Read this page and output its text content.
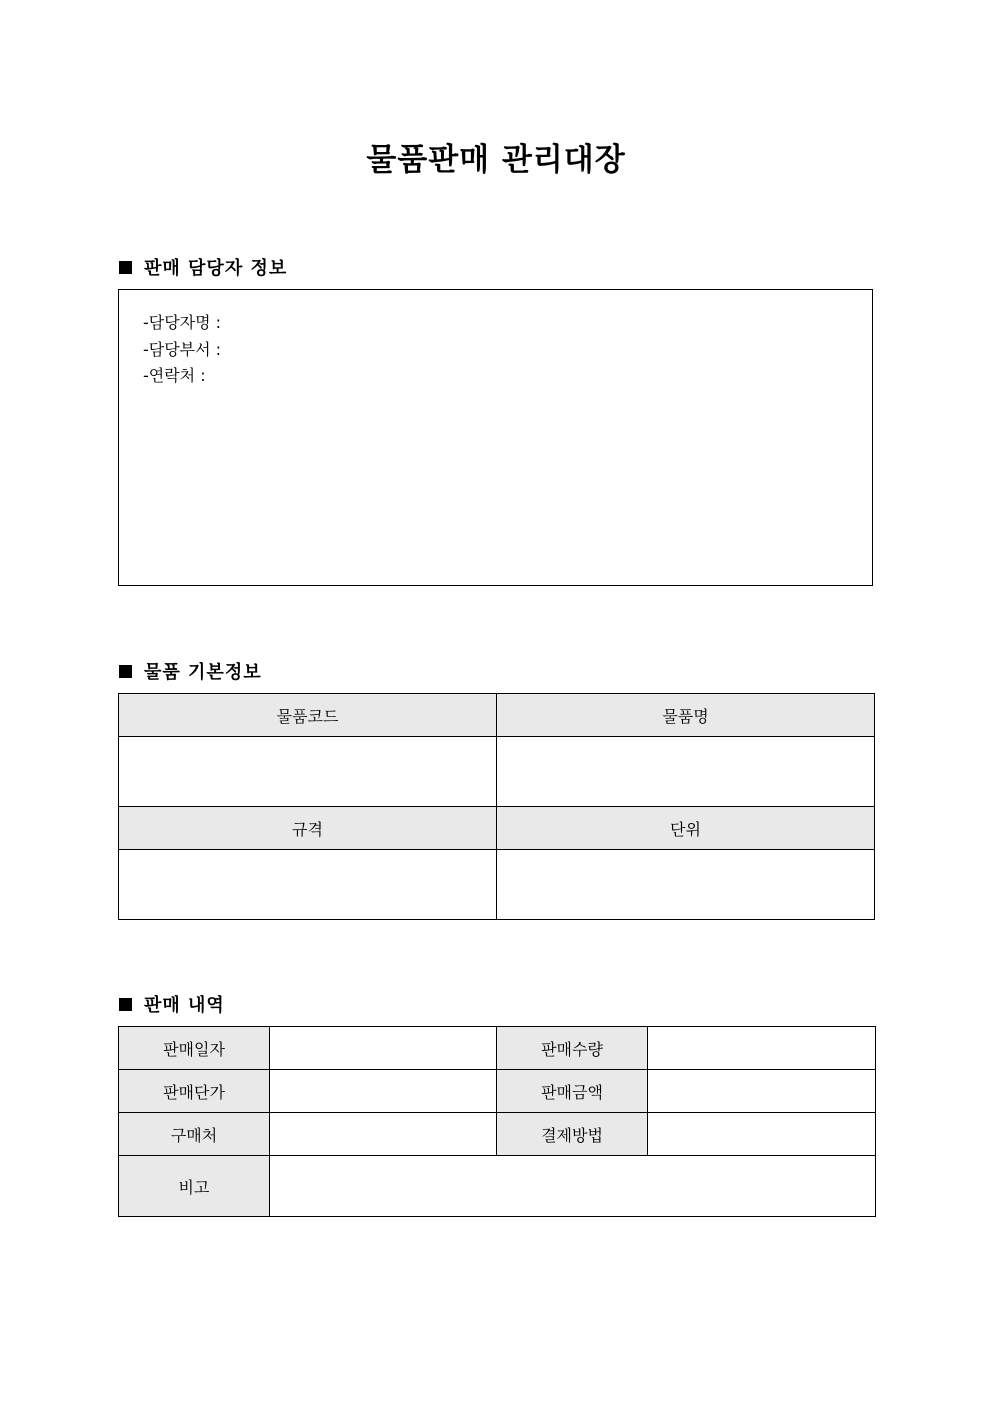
물품판매 관리대장
판매 담당자 정보
-담당자명 :
-담당부서 :
-연락처 :
물품 기본정보
물품코드	물품명

규격	단위

판매 내역
판매일자		판매수량	
판매단가		판매금액	
구매처		결제방법	
비고			
